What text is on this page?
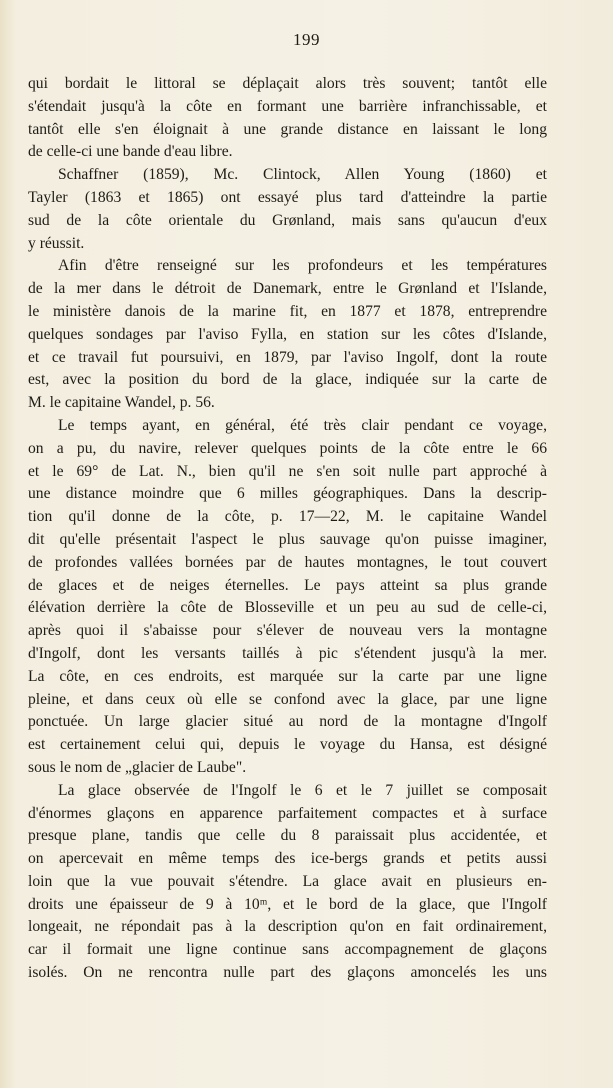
199
qui bordait le littoral se déplaçait alors très souvent; tantôt elle
s'étendait jusqu'à la côte en formant une barrière infranchissable, et
tantôt elle s'en éloignait à une grande distance en laissant le long
de celle-ci une bande d'eau libre.
Schaffner (1859), Mc. Clintock, Allen Young (1860) et
Tayler (1863 et 1865) ont essayé plus tard d'atteindre la partie
sud de la côte orientale du Grønland, mais sans qu'aucun d'eux
y réussit.
Afin d'être renseigné sur les profondeurs et les températures
de la mer dans le détroit de Danemark, entre le Grønland et l'Islande,
le ministère danois de la marine fit, en 1877 et 1878, entreprendre
quelques sondages par l'aviso Fylla, en station sur les côtes d'Islande,
et ce travail fut poursuivi, en 1879, par l'aviso Ingolf, dont la route
est, avec la position du bord de la glace, indiquée sur la carte de
M. le capitaine Wandel, p. 56.
Le temps ayant, en général, été très clair pendant ce voyage,
on a pu, du navire, relever quelques points de la côte entre le 66
et le 69° de Lat. N., bien qu'il ne s'en soit nulle part approché à
une distance moindre que 6 milles géographiques. Dans la descrip-
tion qu'il donne de la côte, p. 17—22, M. le capitaine Wandel
dit qu'elle présentait l'aspect le plus sauvage qu'on puisse imaginer,
de profondes vallées bornées par de hautes montagnes, le tout couvert
de glaces et de neiges éternelles. Le pays atteint sa plus grande
élévation derrière la côte de Blosseville et un peu au sud de celle-ci,
après quoi il s'abaisse pour s'élever de nouveau vers la montagne
d'Ingolf, dont les versants taillés à pic s'étendent jusqu'à la mer.
La côte, en ces endroits, est marquée sur la carte par une ligne
pleine, et dans ceux où elle se confond avec la glace, par une ligne
ponctuée. Un large glacier situé au nord de la montagne d'Ingolf
est certainement celui qui, depuis le voyage du Hansa, est désigné
sous le nom de „glacier de Laube".
La glace observée de l'Ingolf le 6 et le 7 juillet se composait
d'énormes glaçons en apparence parfaitement compactes et à surface
presque plane, tandis que celle du 8 paraissait plus accidentée, et
on apercevait en même temps des ice-bergs grands et petits aussi
loin que la vue pouvait s'étendre. La glace avait en plusieurs en-
droits une épaisseur de 9 à 10ᵐ, et le bord de la glace, que l'Ingolf
longeait, ne répondait pas à la description qu'on en fait ordinairement,
car il formait une ligne continue sans accompagnement de glaçons
isolés. On ne rencontra nulle part des glaçons amoncelés les uns
